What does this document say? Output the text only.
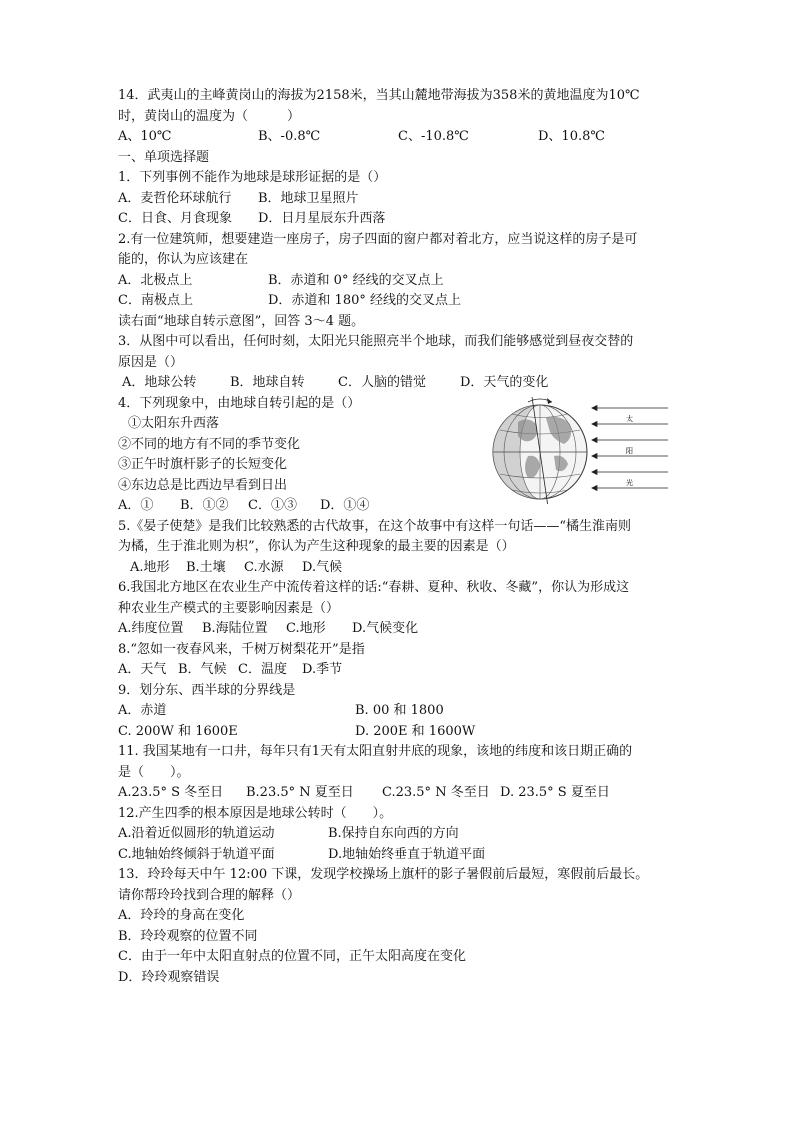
14．武夷山的主峰黄岗山的海拔为2158米，当其山麓地带海拔为358米的黄地温度为10℃
时，黄岗山的温度为（　　　）
A、10℃	B、-0.8℃	C、-10.8℃	D、10.8℃
一、单项选择题
1．下列事例不能作为地球是球形证据的是（）
A．麦哲伦环球航行	B．地球卫星照片
C．日食、月食现象	D．日月星辰东升西落
2.有一位建筑师，想要建造一座房子，房子四面的窗户都对着北方，应当说这样的房子是可
能的，你认为应该建在
A．北极点上	B．赤道和 0° 经线的交叉点上
C．南极点上	D．赤道和 180° 经线的交叉点上
读右面“地球自转示意图”，回答 3～4 题。
3．从图中可以看出，任何时刻，太阳光只能照亮半个地球，而我们能够感觉到昼夜交替的
原因是（）
A．地球公转	B．地球自转	C．人脑的错觉	D．天气的变化
4．下列现象中，由地球自转引起的是（）
①太阳东升西落
②不同的地方有不同的季节变化
③正午时旗杆影子的长短变化
④东边总是比西边早看到日出
A．①	B．①②	C．①③	D．①④
太
阳
光
5.《晏子使楚》是我们比较熟悉的古代故事，在这个故事中有这样一句话——“橘生淮南则
为橘，生于淮北则为枳”，你认为产生这种现象的最主要的因素是（）
A.地形	B.土壤	C.水源	D.气候
6.我国北方地区在农业生产中流传着这样的话:“春耕、夏种、秋收、冬藏”，你认为形成这
种农业生产模式的主要影响因素是（）
A.纬度位置	B.海陆位置	C.地形	D.气候变化
8.“忽如一夜春风来，千树万树梨花开”是指
A．天气 B．气候 C．温度	D.季节
9．划分东、西半球的分界线是
A．赤道	B. 00 和 1800
C. 200W 和 1600E	D. 200E 和 1600W
11. 我国某地有一口井，每年只有1天有太阳直射井底的现象，该地的纬度和该日期正确的
是（　　）。
A.23.5° S 冬至日	B.23.5° N 夏至日	C.23.5° N 冬至日 D. 23.5° S 夏至日
12.产生四季的根本原因是地球公转时（　　）。
A.沿着近似圆形的轨道运动	B.保持自东向西的方向
C.地轴始终倾斜于轨道平面	D.地轴始终垂直于轨道平面
13．玲玲每天中午 12:00 下课，发现学校操场上旗杆的影子暑假前后最短，寒假前后最长。
请你帮玲玲找到合理的解释（）
A．玲玲的身高在变化
B．玲玲观察的位置不同
C．由于一年中太阳直射点的位置不同，正午太阳高度在变化
D．玲玲观察错误
